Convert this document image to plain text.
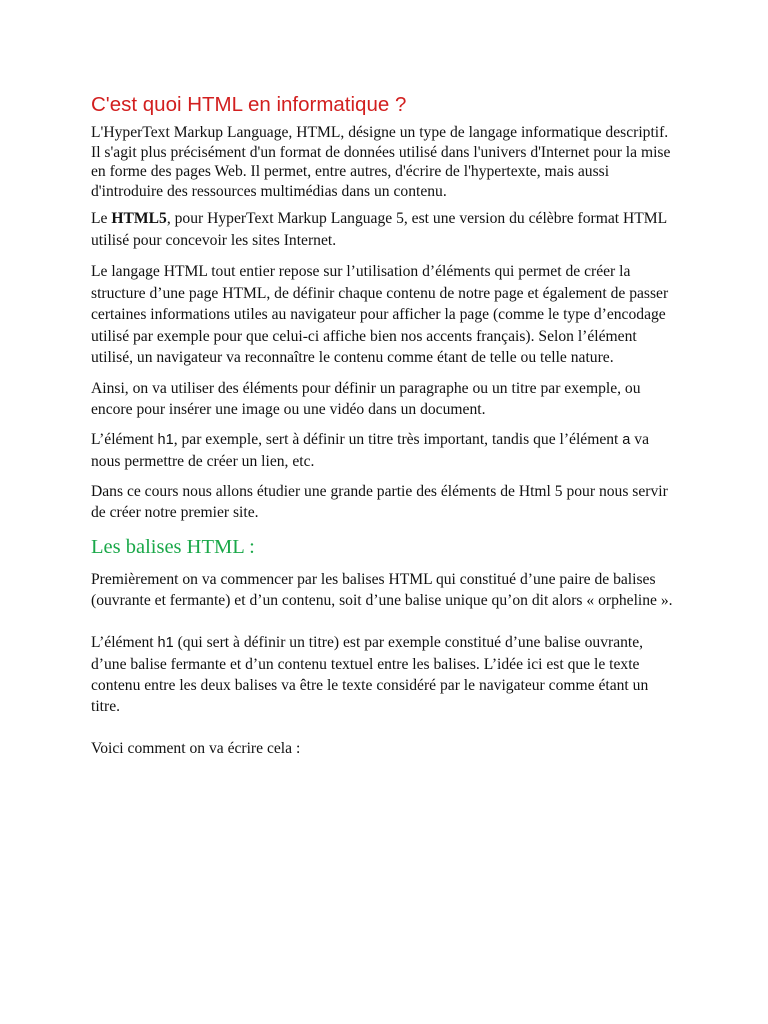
C'est quoi HTML en informatique ?

L'HyperText Markup Language, HTML, désigne un type de langage informatique descriptif. Il s'agit plus précisément d'un format de données utilisé dans l'univers d'Internet pour la mise en forme des pages Web. Il permet, entre autres, d'écrire de l'hypertexte, mais aussi d'introduire des ressources multimédias dans un contenu.

Le HTML5, pour HyperText Markup Language 5, est une version du célèbre format HTML utilisé pour concevoir les sites Internet.

Le langage HTML tout entier repose sur l’utilisation d’éléments qui permet de créer la structure d’une page HTML, de définir chaque contenu de notre page et également de passer certaines informations utiles au navigateur pour afficher la page (comme le type d’encodage utilisé par exemple pour que celui-ci affiche bien nos accents français). Selon l’élément utilisé, un navigateur va reconnaître le contenu comme étant de telle ou telle nature.

Ainsi, on va utiliser des éléments pour définir un paragraphe ou un titre par exemple, ou encore pour insérer une image ou une vidéo dans un document.

L’élément h1, par exemple, sert à définir un titre très important, tandis que l’élément a va nous permettre de créer un lien, etc.

Dans ce cours nous allons étudier une grande partie des éléments de Html 5 pour nous servir de créer notre premier site.

Les balises HTML :

Premièrement on va commencer par les balises HTML qui constitué d’une paire de balises (ouvrante et fermante) et d’un contenu, soit d’une balise unique qu’on dit alors « orpheline ».

L’élément h1 (qui sert à définir un titre) est par exemple constitué d’une balise ouvrante, d’une balise fermante et d’un contenu textuel entre les balises. L’idée ici est que le texte contenu entre les deux balises va être le texte considéré par le navigateur comme étant un titre.

Voici comment on va écrire cela :
